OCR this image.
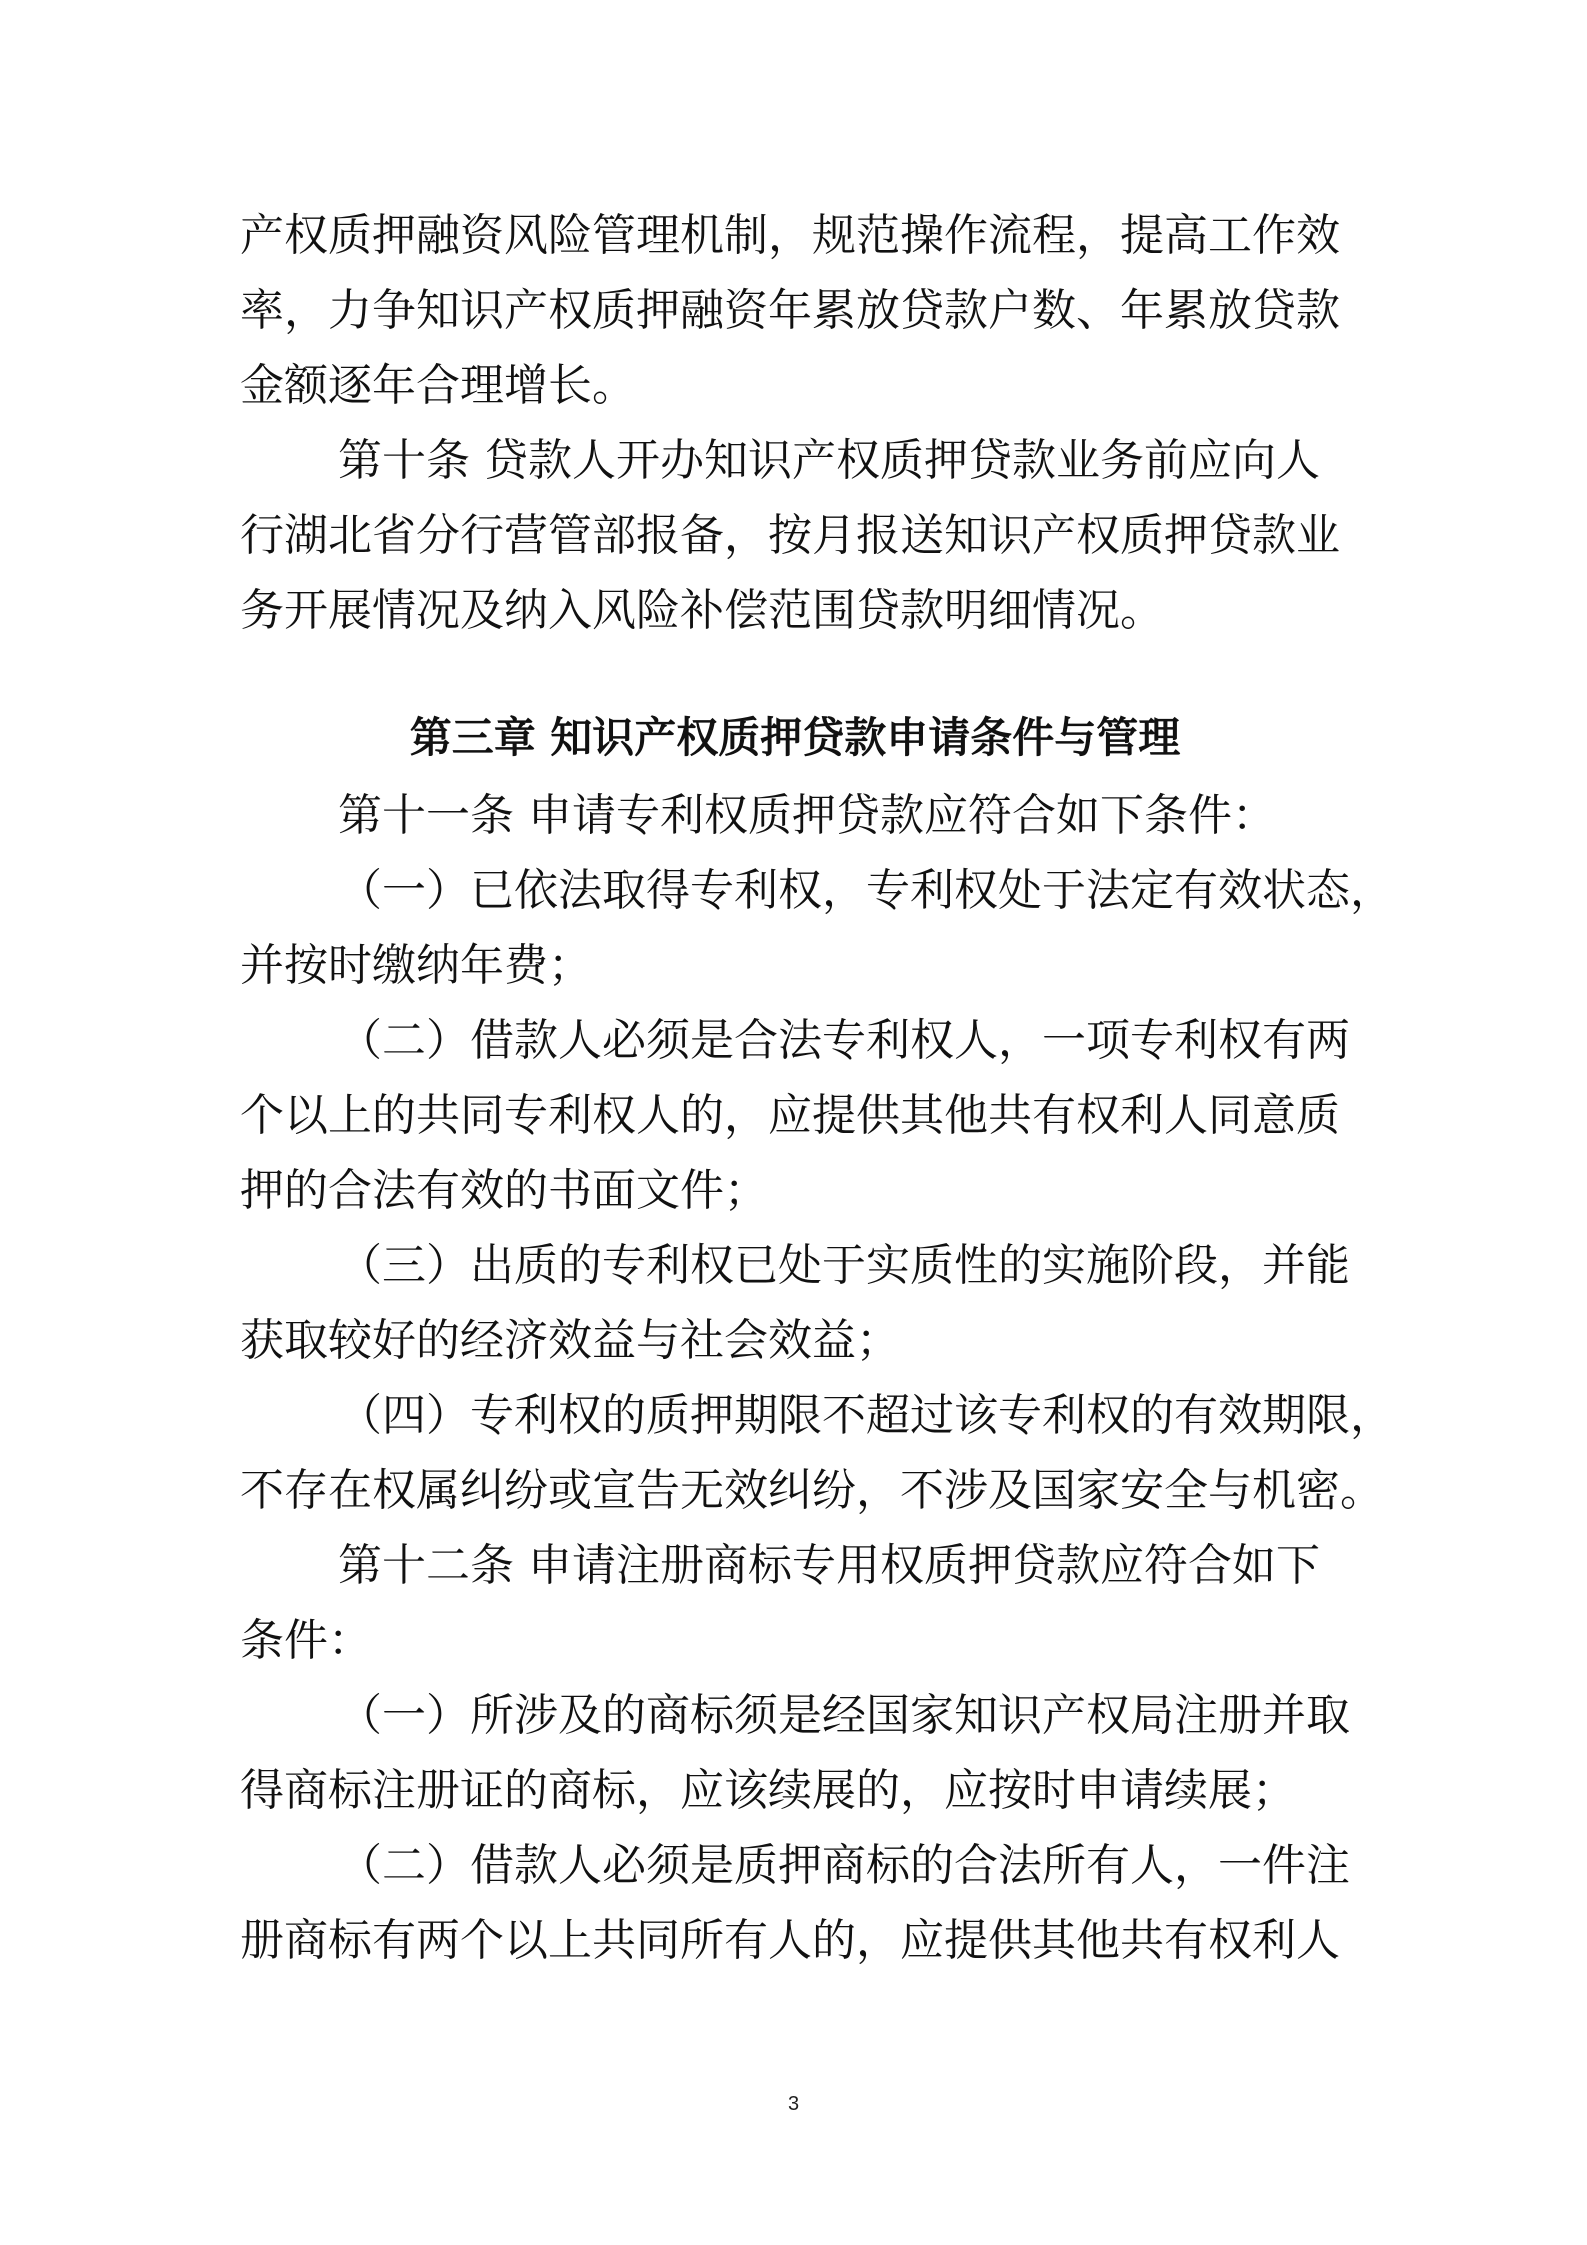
产权质押融资风险管理机制，规范操作流程，提高工作效
率，力争知识产权质押融资年累放贷款户数、年累放贷款
金额逐年合理增长。

第十条 贷款人开办知识产权质押贷款业务前应向人
行湖北省分行营管部报备，按月报送知识产权质押贷款业
务开展情况及纳入风险补偿范围贷款明细情况。

第三章 知识产权质押贷款申请条件与管理

第十一条 申请专利权质押贷款应符合如下条件：

（一）已依法取得专利权，专利权处于法定有效状态，
并按时缴纳年费；

（二）借款人必须是合法专利权人，一项专利权有两
个以上的共同专利权人的，应提供其他共有权利人同意质
押的合法有效的书面文件；

（三）出质的专利权已处于实质性的实施阶段，并能
获取较好的经济效益与社会效益；

（四）专利权的质押期限不超过该专利权的有效期限，
不存在权属纠纷或宣告无效纠纷，不涉及国家安全与机密。

第十二条 申请注册商标专用权质押贷款应符合如下
条件：

（一）所涉及的商标须是经国家知识产权局注册并取
得商标注册证的商标，应该续展的，应按时申请续展；

（二）借款人必须是质押商标的合法所有人，一件注
册商标有两个以上共同所有人的，应提供其他共有权利人

3
